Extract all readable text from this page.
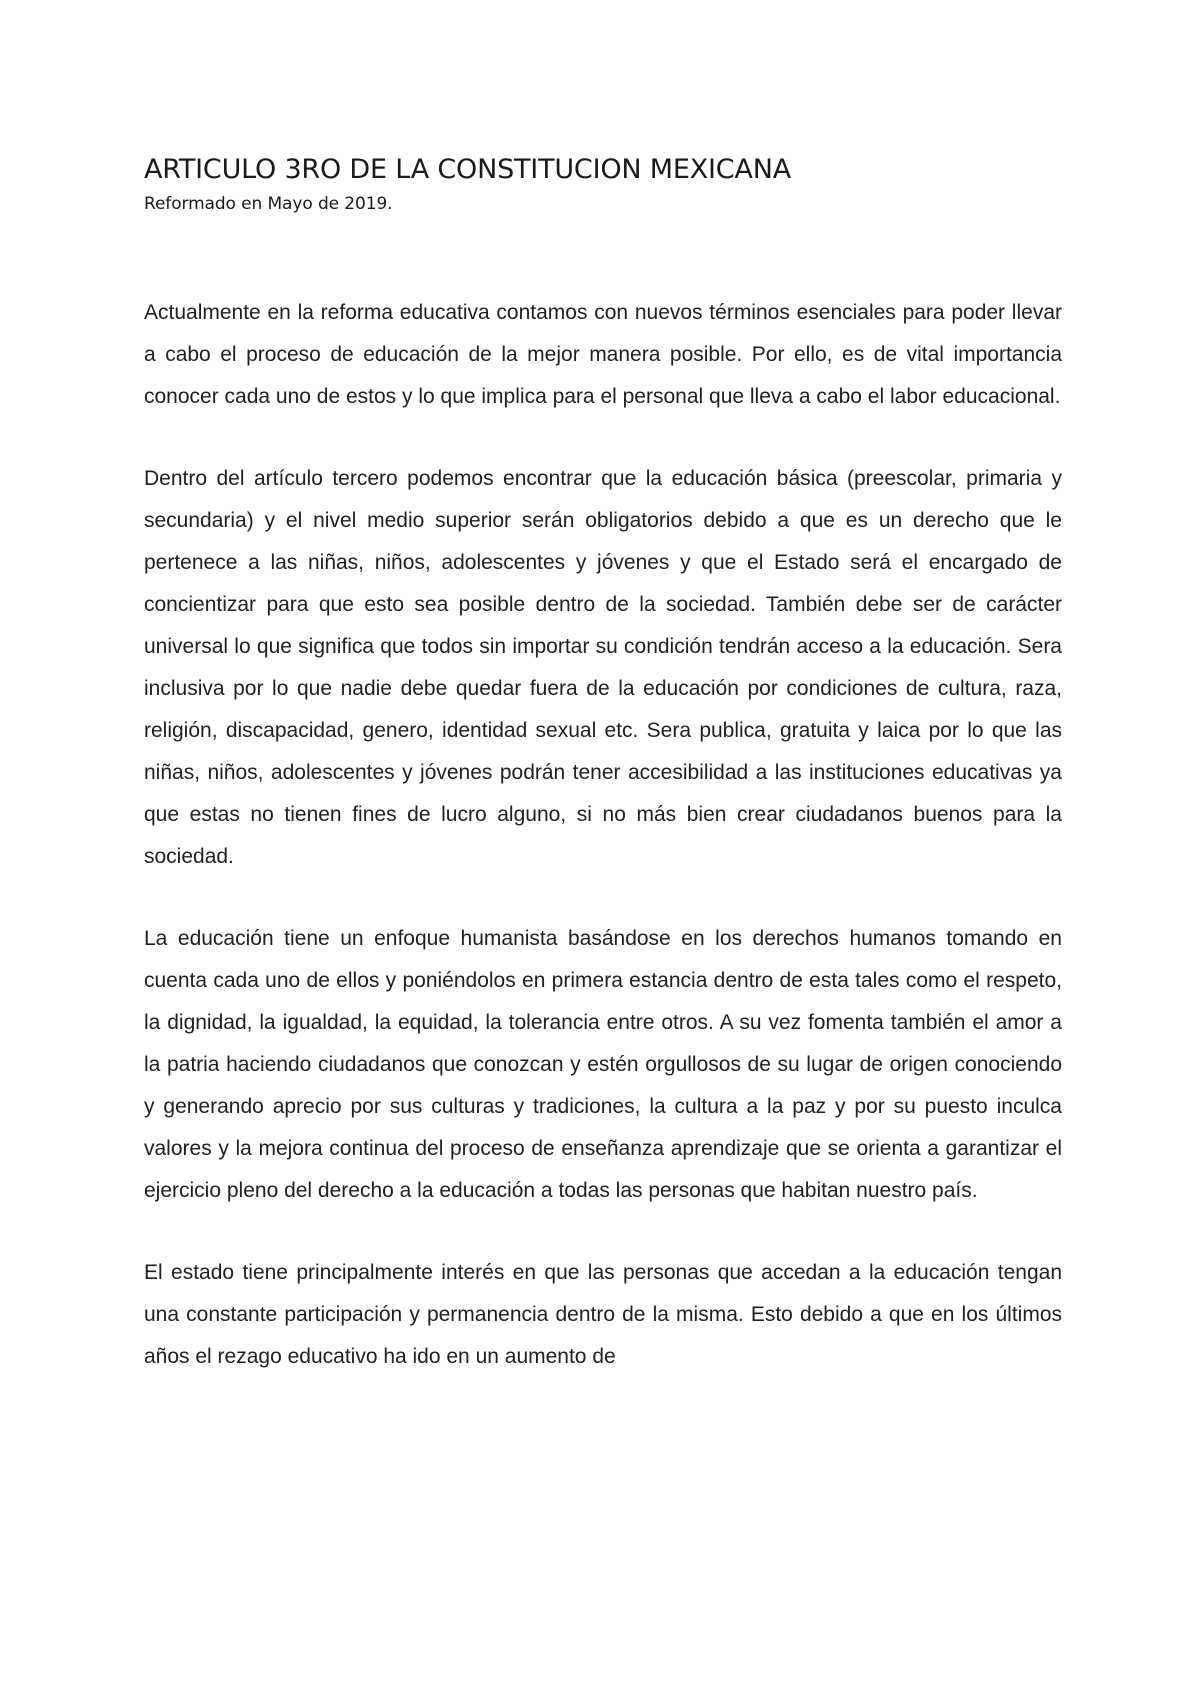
ARTICULO 3RO DE LA CONSTITUCION MEXICANA

Reformado en Mayo de 2019.

Actualmente en la reforma educativa contamos con nuevos términos esenciales para poder llevar a cabo el proceso de educación de la mejor manera posible. Por ello, es de vital importancia conocer cada uno de estos y lo que implica para el personal que lleva a cabo el labor educacional.

Dentro del artículo tercero podemos encontrar que la educación básica (preescolar, primaria y secundaria) y el nivel medio superior serán obligatorios debido a que es un derecho que le pertenece a las niñas, niños, adolescentes y jóvenes y que el Estado será el encargado de concientizar para que esto sea posible dentro de la sociedad. También debe ser de carácter universal lo que significa que todos sin importar su condición tendrán acceso a la educación. Sera inclusiva por lo que nadie debe quedar fuera de la educación por condiciones de cultura, raza, religión, discapacidad, genero, identidad sexual etc. Sera publica, gratuita y laica por lo que las niñas, niños, adolescentes y jóvenes podrán tener accesibilidad a las instituciones educativas ya que estas no tienen fines de lucro alguno, si no más bien crear ciudadanos buenos para la sociedad.

La educación tiene un enfoque humanista basándose en los derechos humanos tomando en cuenta cada uno de ellos y poniéndolos en primera estancia dentro de esta tales como el respeto, la dignidad, la igualdad, la equidad, la tolerancia entre otros. A su vez fomenta también el amor a la patria haciendo ciudadanos que conozcan y estén orgullosos de su lugar de origen conociendo y generando aprecio por sus culturas y tradiciones, la cultura a la paz y por su puesto inculca valores y la mejora continua del proceso de enseñanza aprendizaje que se orienta a garantizar el ejercicio pleno del derecho a la educación a todas las personas que habitan nuestro país.

El estado tiene principalmente interés en que las personas que accedan a la educación tengan una constante participación y permanencia dentro de la misma. Esto debido a que en los últimos años el rezago educativo ha ido en un aumento de
